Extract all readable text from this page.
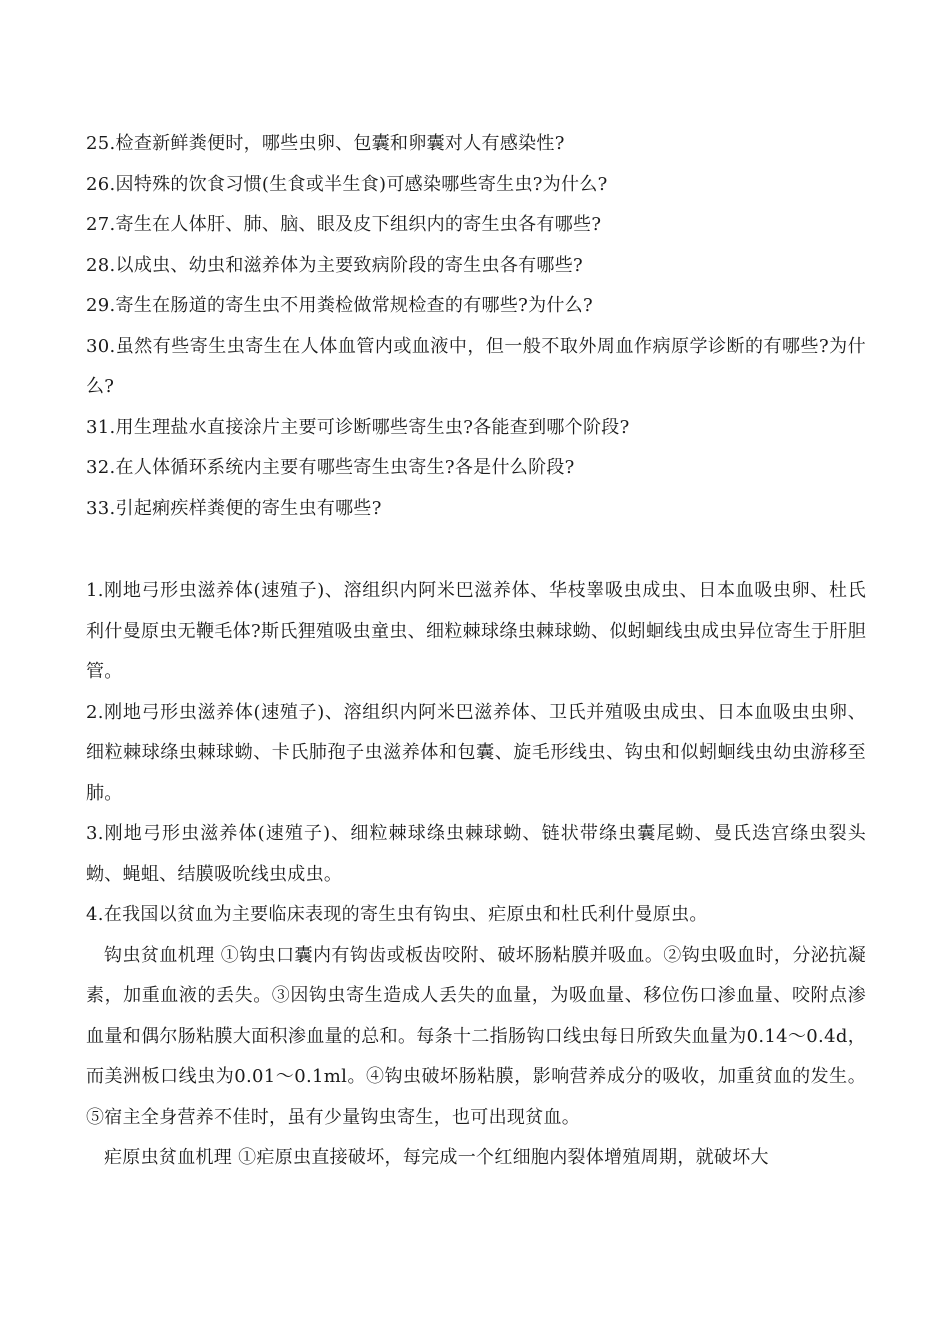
25.检查新鲜粪便时，哪些虫卵、包囊和卵囊对人有感染性?

26.因特殊的饮食习惯(生食或半生食)可感染哪些寄生虫?为什么?

27.寄生在人体肝、肺、脑、眼及皮下组织内的寄生虫各有哪些?

28.以成虫、幼虫和滋养体为主要致病阶段的寄生虫各有哪些?

29.寄生在肠道的寄生虫不用粪检做常规检查的有哪些?为什么?

30.虽然有些寄生虫寄生在人体血管内或血液中，但一般不取外周血作病原学诊断的有哪些?为什么?

31.用生理盐水直接涂片主要可诊断哪些寄生虫?各能查到哪个阶段?

32.在人体循环系统内主要有哪些寄生虫寄生?各是什么阶段?

33.引起痢疾样粪便的寄生虫有哪些?

1.刚地弓形虫滋养体(速殖子)、溶组织内阿米巴滋养体、华枝睾吸虫成虫、日本血吸虫卵、杜氏利什曼原虫无鞭毛体?斯氏狸殖吸虫童虫、细粒棘球绦虫棘球蚴、似蚓蛔线虫成虫异位寄生于肝胆管。

2.刚地弓形虫滋养体(速殖子)、溶组织内阿米巴滋养体、卫氏并殖吸虫成虫、日本血吸虫虫卵、细粒棘球绦虫棘球蚴、卡氏肺孢子虫滋养体和包囊、旋毛形线虫、钩虫和似蚓蛔线虫幼虫游移至肺。

3.刚地弓形虫滋养体(速殖子)、细粒棘球绦虫棘球蚴、链状带绦虫囊尾蚴、曼氏迭宫绦虫裂头蚴、蝇蛆、结膜吸吮线虫成虫。

4.在我国以贫血为主要临床表现的寄生虫有钩虫、疟原虫和杜氏利什曼原虫。

钩虫贫血机理 ①钩虫口囊内有钩齿或板齿咬附、破坏肠粘膜并吸血。②钩虫吸血时，分泌抗凝素，加重血液的丢失。③因钩虫寄生造成人丢失的血量，为吸血量、移位伤口渗血量、咬附点渗血量和偶尔肠粘膜大面积渗血量的总和。每条十二指肠钩口线虫每日所致失血量为0.14～0.4d，而美洲板口线虫为0.01～0.1ml。④钩虫破坏肠粘膜，影响营养成分的吸收，加重贫血的发生。⑤宿主全身营养不佳时，虽有少量钩虫寄生，也可出现贫血。

疟原虫贫血机理 ①疟原虫直接破坏，每完成一个红细胞内裂体增殖周期，就破坏大
